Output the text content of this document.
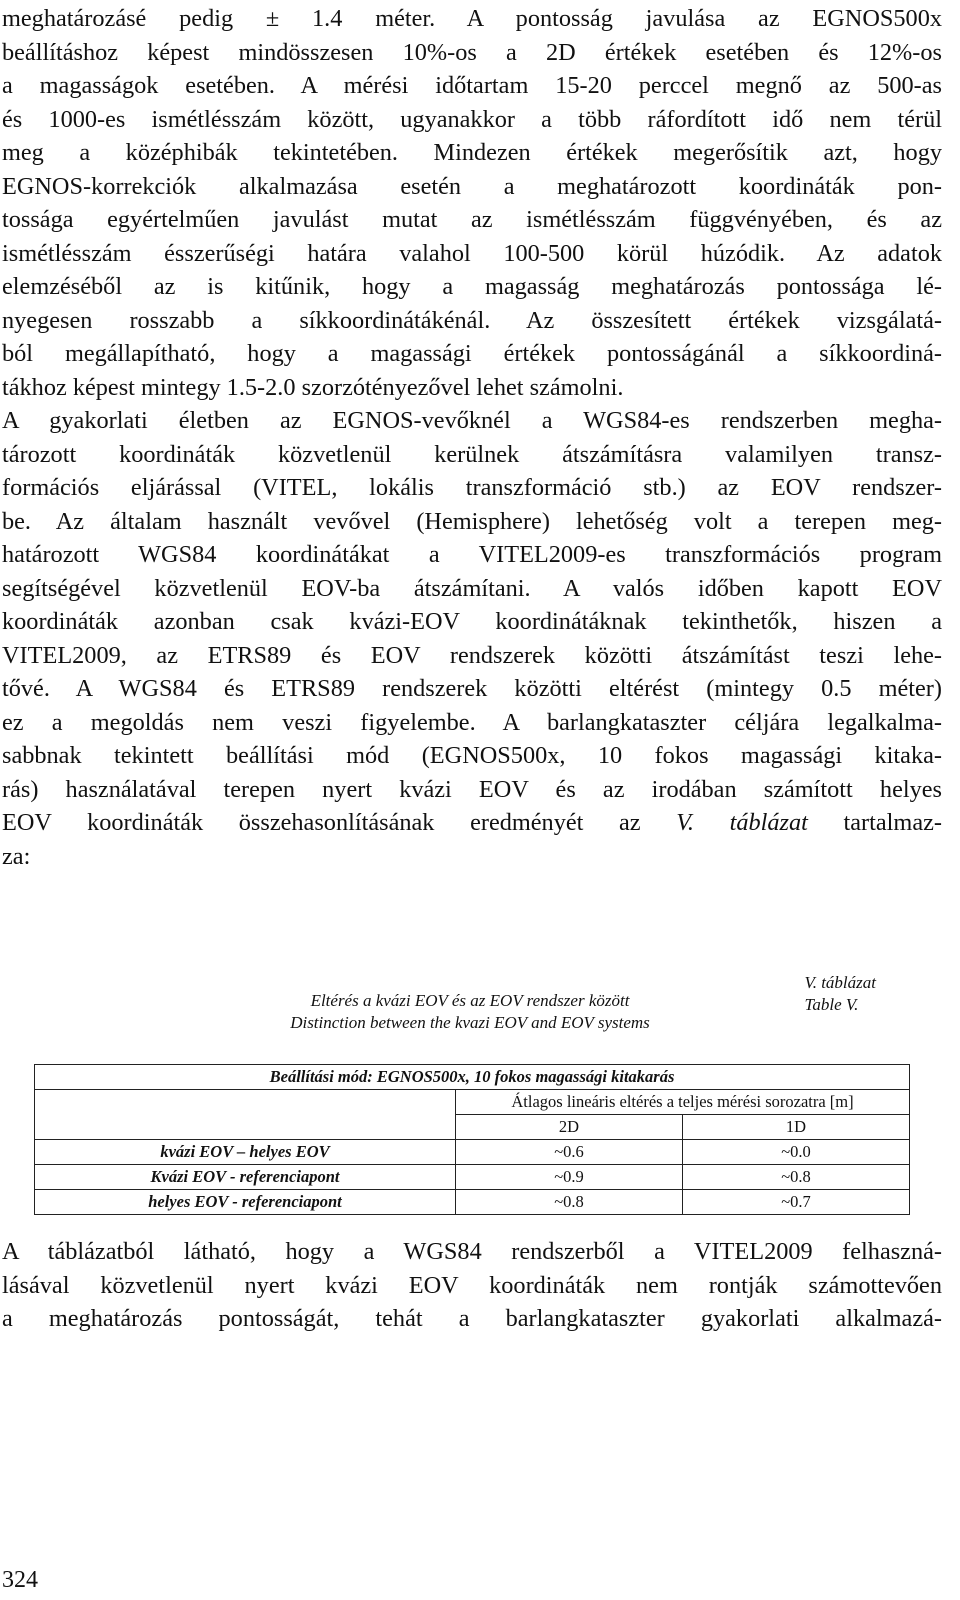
meghatározásé pedig ± 1.4 méter. A pontosság javulása az EGNOS500x
beállításhoz képest mindösszesen 10%-os a 2D értékek esetében és 12%-os
a magasságok esetében. A mérési időtartam 15-20 perccel megnő az 500-as
és 1000-es ismétlésszám között, ugyanakkor a több ráfordított idő nem térül
meg a középhibák tekintetében. Mindezen értékek megerősítik azt, hogy
EGNOS-korrekciók alkalmazása esetén a meghatározott koordináták pon-
tossága egyértelműen javulást mutat az ismétlésszám függvényében, és az
ismétlésszám ésszerűségi határa valahol 100-500 körül húzódik. Az adatok
elemzéséből az is kitűnik, hogy a magasság meghatározás pontossága lé-
nyegesen rosszabb a síkkoordinátákénál. Az összesített értékek vizsgálatá-
ból megállapítható, hogy a magassági értékek pontosságánál a síkkoordiná-
tákhoz képest mintegy 1.5-2.0 szorzótényezővel lehet számolni.
A gyakorlati életben az EGNOS-vevőknél a WGS84-es rendszerben megha-
tározott koordináták közvetlenül kerülnek átszámításra valamilyen transz-
formációs eljárással (VITEL, lokális transzformáció stb.) az EOV rendszer-
be. Az általam használt vevővel (Hemisphere) lehetőség volt a terepen meg-
határozott WGS84 koordinátákat a VITEL2009-es transzformációs program
segítségével közvetlenül EOV-ba átszámítani. A valós időben kapott EOV
koordináták azonban csak kvázi-EOV koordinátáknak tekinthetők, hiszen a
VITEL2009, az ETRS89 és EOV rendszerek közötti átszámítást teszi lehe-
tővé. A WGS84 és ETRS89 rendszerek közötti eltérést (mintegy 0.5 méter)
ez a megoldás nem veszi figyelembe. A barlangkataszter céljára legalkalma-
sabbnak tekintett beállítási mód (EGNOS500x, 10 fokos magassági kitaka-
rás) használatával terepen nyert kvázi EOV és az irodában számított helyes
EOV koordináták összehasonlításának eredményét az V. táblázat tartalmaz-
za:
V. táblázat
Table V.
Eltérés a kvázi EOV és az EOV rendszer között
Distinction between the kvazi EOV and EOV systems
Beállítási mód: EGNOS500x, 10 fokos magassági kitakarás		
	Átlagos lineáris eltérés a teljes mérési sorozatra [m]	
	2D	1D
kvázi EOV – helyes EOV	~0.6	~0.0
Kvázi EOV - referenciapont	~0.9	~0.8
helyes EOV - referenciapont	~0.8	~0.7
A táblázatból látható, hogy a WGS84 rendszerből a VITEL2009 felhaszná-
lásával közvetlenül nyert kvázi EOV koordináták nem rontják számottevően
a meghatározás pontosságát, tehát a barlangkataszter gyakorlati alkalmazá-
324
